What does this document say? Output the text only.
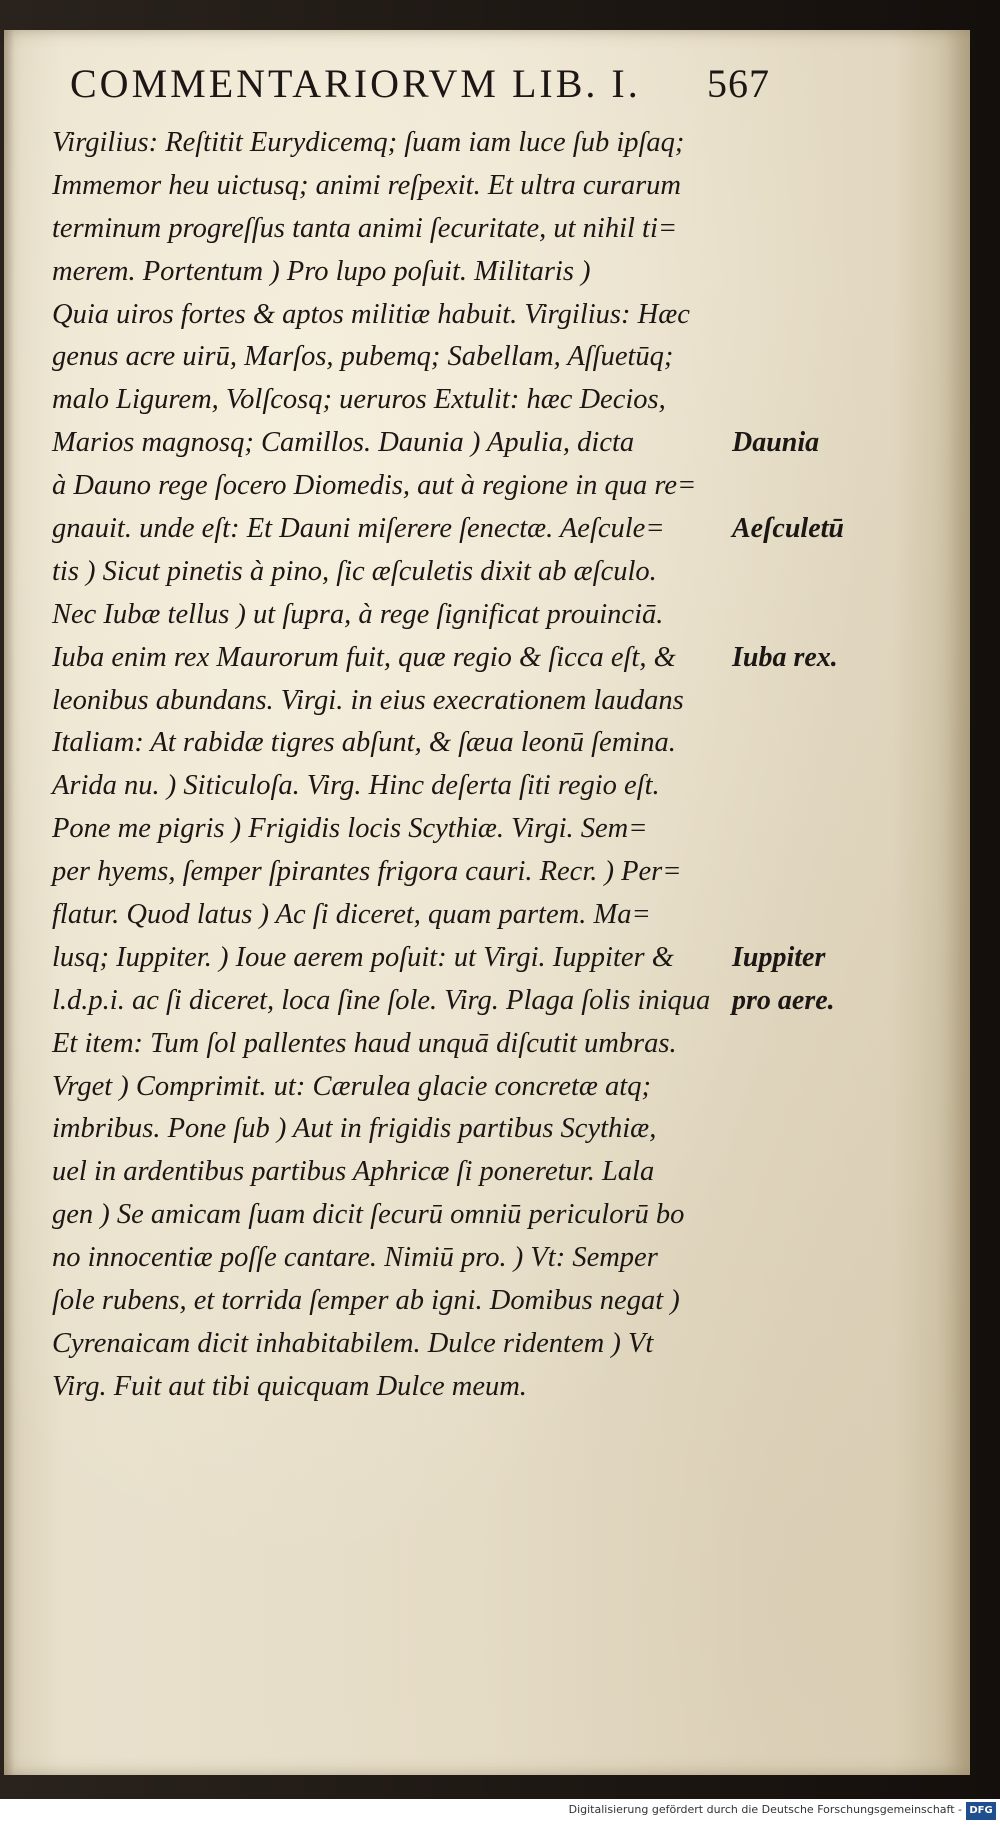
COMMENTARIORVM LIB. I. 567
Virgilius: Reſtitit Eurydicemq; ſuam iam luce ſub ipſaq;
Immemor heu uictusq; animi reſpexit. Et ultra curarum
terminum progreſſus tanta animi ſecuritate, ut nihil ti=
merem. Portentum ) Pro lupo poſuit. Militaris )
Quia uiros fortes & aptos militiæ habuit. Virgilius: Hæc
genus acre uirū, Marſos, pubemq; Sabellam, Aſſuetūq;
malo Ligurem, Volſcosq; ueruros Extulit: hæc Decios,
Marios magnosq; Camillos. Daunia ) Apulia, dicta
à Dauno rege ſocero Diomedis, aut à regione in qua re=
gnauit. unde eſt: Et Dauni miſerere ſenectæ. Aeſcule=
tis ) Sicut pinetis à pino, ſic æſculetis dixit ab æſculo.
Nec Iubæ tellus ) ut ſupra, à rege ſignificat prouinciā.
Iuba enim rex Maurorum fuit, quæ regio & ſicca eſt, &
leonibus abundans. Virgi. in eius execrationem laudans
Italiam: At rabidæ tigres abſunt, & ſæua leonū ſemina.
Arida nu. ) Siticuloſa. Virg. Hinc deſerta ſiti regio eſt.
Pone me pigris ) Frigidis locis Scythiæ. Virgi. Sem=
per hyems, ſemper ſpirantes frigora cauri. Recr. ) Per=
flatur. Quod latus ) Ac ſi diceret, quam partem. Ma=
lusq; Iuppiter. ) Ioue aerem poſuit: ut Virgi. Iuppiter &
l.d.p.i. ac ſi diceret, loca ſine ſole. Virg. Plaga ſolis iniqua
Et item: Tum ſol pallentes haud unquā diſcutit umbras.
Vrget ) Comprimit. ut: Cærulea glacie concretæ atq;
imbribus. Pone ſub ) Aut in frigidis partibus Scythiæ,
uel in ardentibus partibus Aphricæ ſi poneretur. Lala
gen ) Se amicam ſuam dicit ſecurū omniū periculorū bo
no innocentiæ poſſe cantare. Nimiū pro. ) Vt: Semper
ſole rubens, et torrida ſemper ab igni. Domibus negat )
Cyrenaicam dicit inhabitabilem. Dulce ridentem ) Vt
Virg. Fuit aut tibi quicquam Dulce meum.
Daunia
Aeſculetū
Iuba rex.
Iuppiter
pro aere.
Digitalisierung gefördert durch die Deutsche Forschungsgemeinschaft - DFG
